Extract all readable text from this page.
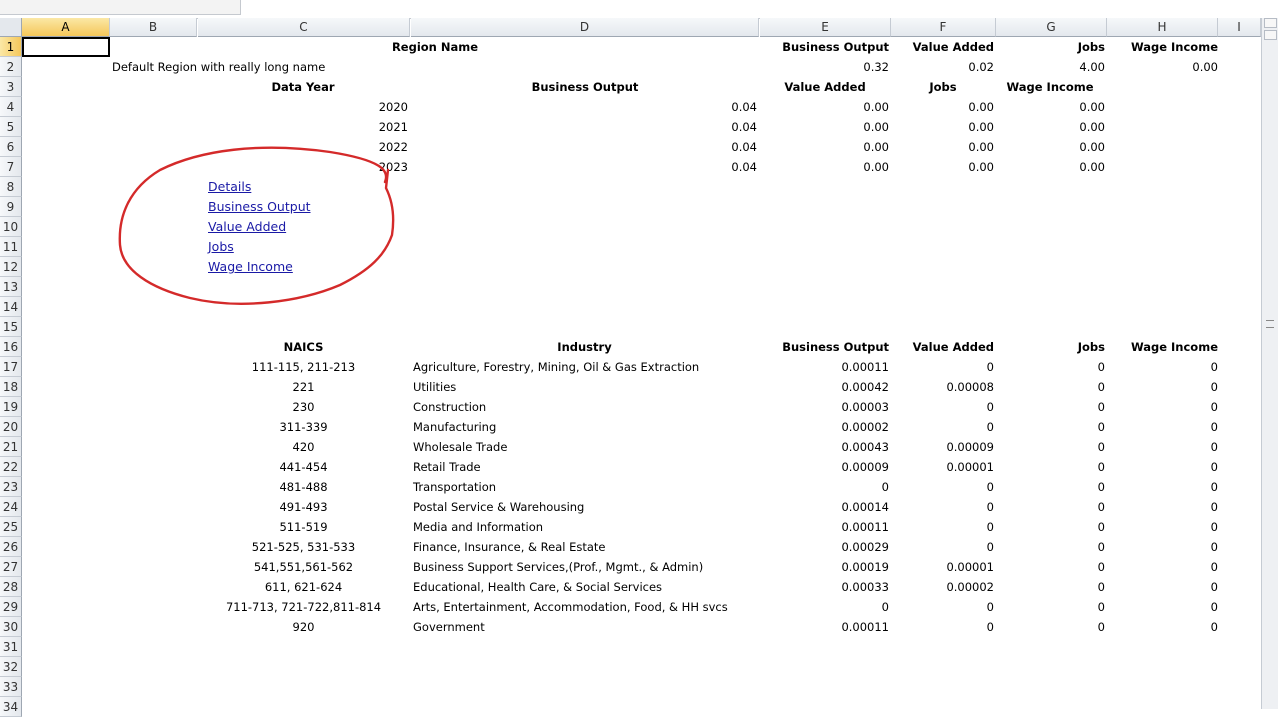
A	B	C	D	E	F	G	H	I
1
2
3
4
5
6
7
8
9
10
11
12
13
14
15
16
17
18
19
20
21
22
23
24
25
26
27
28
29
30
31
32
33
34
Region Name	Business Output	Value Added	Jobs	Wage Income
Default Region with really long name	0.32	0.02	4.00	0.00
Data Year	Business Output	Value Added	Jobs	Wage Income
2020	0.04	0.00	0.00	0.00
2021	0.04	0.00	0.00	0.00
2022	0.04	0.00	0.00	0.00
2023	0.04	0.00	0.00	0.00
Details
Business Output
Value Added
Jobs
Wage Income
NAICS	Industry	Business Output	Value Added	Jobs	Wage Income
111-115, 211-213	Agriculture, Forestry, Mining, Oil & Gas Extraction	0.00011	0	0	0
221	Utilities	0.00042	0.00008	0	0
230	Construction	0.00003	0	0	0
311-339	Manufacturing	0.00002	0	0	0
420	Wholesale Trade	0.00043	0.00009	0	0
441-454	Retail Trade	0.00009	0.00001	0	0
481-488	Transportation	0	0	0	0
491-493	Postal Service & Warehousing	0.00014	0	0	0
511-519	Media and Information	0.00011	0	0	0
521-525, 531-533	Finance, Insurance, & Real Estate	0.00029	0	0	0
541,551,561-562	Business Support Services,(Prof., Mgmt., & Admin)	0.00019	0.00001	0	0
611, 621-624	Educational, Health Care, & Social Services	0.00033	0.00002	0	0
711-713, 721-722,811-814	Arts, Entertainment, Accommodation, Food, & HH svcs	0	0	0	0
920	Government	0.00011	0	0	0
